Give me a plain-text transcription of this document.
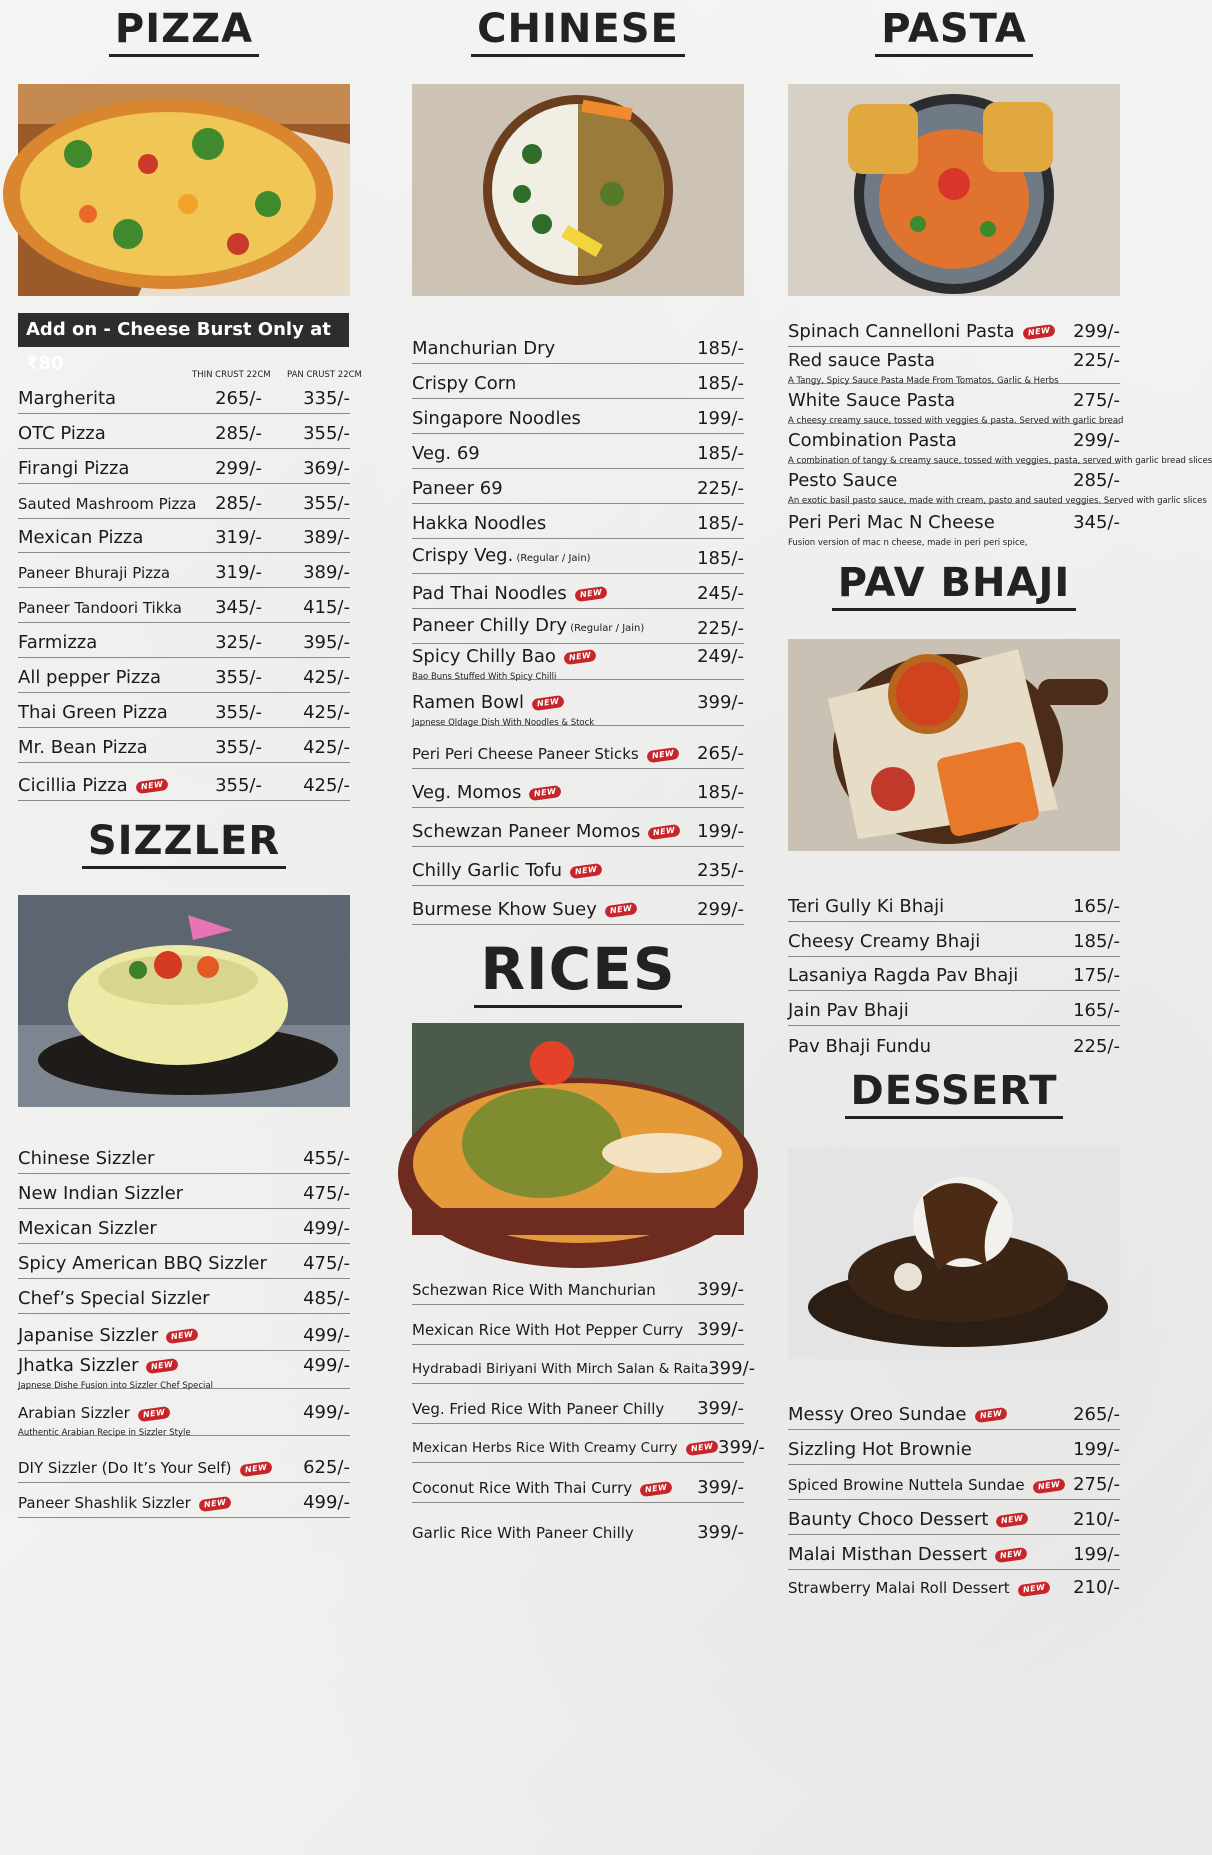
PIZZA
Add on - Cheese Burst Only at ₹80
THIN CRUST 22CM PAN CRUST 22CM
Margherita	265/-	335/-
OTC Pizza	285/-	355/-
Firangi Pizza	299/-	369/-
Sauted Mashroom Pizza	285/-	355/-
Mexican Pizza	319/-	389/-
Paneer Bhuraji Pizza	319/-	389/-
Paneer Tandoori Tikka	345/-	415/-
Farmizza	325/-	395/-
All pepper Pizza	355/-	425/-
Thai Green Pizza	355/-	425/-
Mr. Bean Pizza	355/-	425/-
Cicillia Pizza NEW	355/-	425/-
SIZZLER
Chinese Sizzler	455/-
New Indian Sizzler	475/-
Mexican Sizzler	499/-
Spicy American BBQ Sizzler	475/-
Chef’s Special Sizzler	485/-
Japanise Sizzler NEW	499/-
Jhatka Sizzler NEW	499/-
Japnese Dishe Fusion into Sizzler Chef Special
Arabian Sizzler NEW	499/-
Authentic Arabian Recipe in Sizzler Style
DIY Sizzler (Do It’s Your Self) NEW	625/-
Paneer Shashlik Sizzler NEW	499/-
CHINESE
Manchurian Dry	185/-
Crispy Corn	185/-
Singapore Noodles	199/-
Veg. 69	185/-
Paneer 69	225/-
Hakka Noodles	185/-
Crispy Veg. (Regular / Jain)	185/-
Pad Thai Noodles NEW	245/-
Paneer Chilly Dry (Regular / Jain)	225/-
Spicy Chilly Bao NEW	249/-
Bao Buns Stuffed With Spicy Chilli
Ramen Bowl NEW	399/-
Japnese Oldage Dish With Noodles & Stock
Peri Peri Cheese Paneer Sticks NEW	265/-
Veg. Momos NEW	185/-
Schewzan Paneer Momos NEW	199/-
Chilly Garlic Tofu NEW	235/-
Burmese Khow Suey NEW	299/-
RICES
Schezwan Rice With Manchurian	399/-
Mexican Rice With Hot Pepper Curry 399/-
Hydrabadi Biriyani With Mirch Salan & Raita 399/-
Veg. Fried Rice With Paneer Chilly	399/-
Mexican Herbs Rice With Creamy Curry NEW 399/-
Coconut Rice With Thai Curry NEW	399/-
Garlic Rice With Paneer Chilly	399/-
PASTA
Spinach Cannelloni Pasta NEW	299/-
Red sauce Pasta	225/-
A Tangy, Spicy Sauce Pasta Made From Tomatos, Garlic & Herbs
White Sauce Pasta	275/-
A cheesy creamy sauce, tossed with veggies & pasta. Served with garlic bread
Combination Pasta	299/-
A combination of tangy & creamy sauce, tossed with veggies, pasta, served with garlic bread slices
Pesto Sauce	285/-
An exotic basil pasto sauce, made with cream, pasto and sauted veggies. Served with garlic slices
Peri Peri Mac N Cheese	345/-
Fusion version of mac n cheese, made in peri peri spice,
PAV BHAJI
Teri Gully Ki Bhaji	165/-
Cheesy Creamy Bhaji	185/-
Lasaniya Ragda Pav Bhaji	175/-
Jain Pav Bhaji	165/-
Pav Bhaji Fundu	225/-
DESSERT
Messy Oreo Sundae NEW	265/-
Sizzling Hot Brownie	199/-
Spiced Browine Nuttela Sundae NEW 275/-
Baunty Choco Dessert NEW	210/-
Malai Misthan Dessert NEW	199/-
Strawberry Malai Roll Dessert NEW	210/-
